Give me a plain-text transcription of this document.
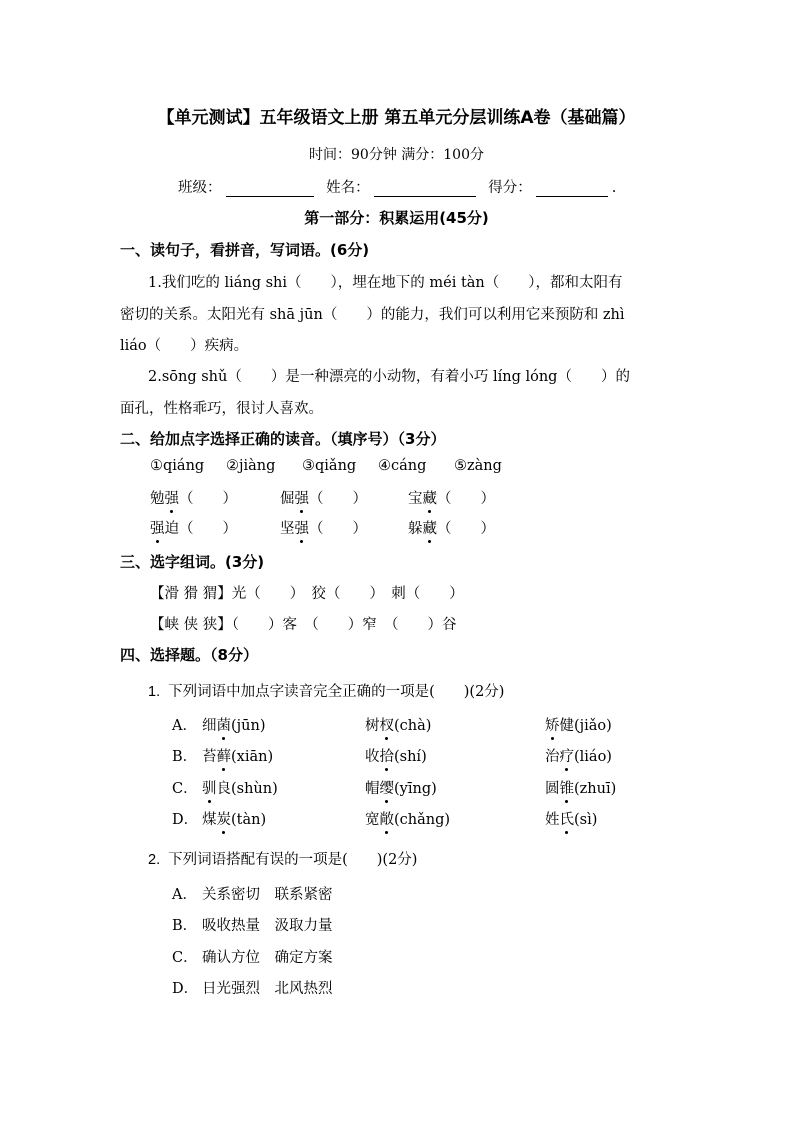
【单元测试】五年级语文上册 第五单元分层训练A卷（基础篇）
时间：90分钟 满分：100分
班级：	姓名：	得分：	.
第一部分：积累运用(45分)
一、读句子，看拼音，写词语。(6分)
1.我们吃的 liáng shi（　　），埋在地下的 méi tàn（　　），都和太阳有
密切的关系。太阳光有 shā jūn（　　）的能力，我们可以利用它来预防和 zhì
liáo（　　）疾病。
2.sōng shǔ（　　）是一种漂亮的小动物，有着小巧 líng lóng（　　）的
面孔，性格乖巧，很讨人喜欢。
二、给加点字选择正确的读音。（填序号）（3分）
①qiáng ②jiàng ③qiǎng ④cáng ⑤zàng
勉强（　　）	倔强（　　）	宝藏（　　）
强迫（　　）	坚强（　　）	躲藏（　　）
三、选字组词。(3分)
【滑 猾 猬】光（　　）　狡（　　）　刺（　　）
【峡 侠 狭】（　　）客　（　　）窄　（　　）谷
四、选择题。（8分）
1. 下列词语中加点字读音完全正确的一项是(　　)(2分)
A． 细菌(jūn)	树杈(chà)	矫健(jiǎo)
B． 苔藓(xiān)	收拾(shí)	治疗(liáo)
C． 驯良(shùn)	帽缨(yīng)	圆锥(zhuī)
D． 煤炭(tàn)	宽敞(chǎng)	姓氏(sì)
2. 下列词语搭配有误的一项是(　　)(2分)
A． 关系密切　联系紧密
B． 吸收热量　汲取力量
C． 确认方位　确定方案
D． 日光强烈　北风热烈
